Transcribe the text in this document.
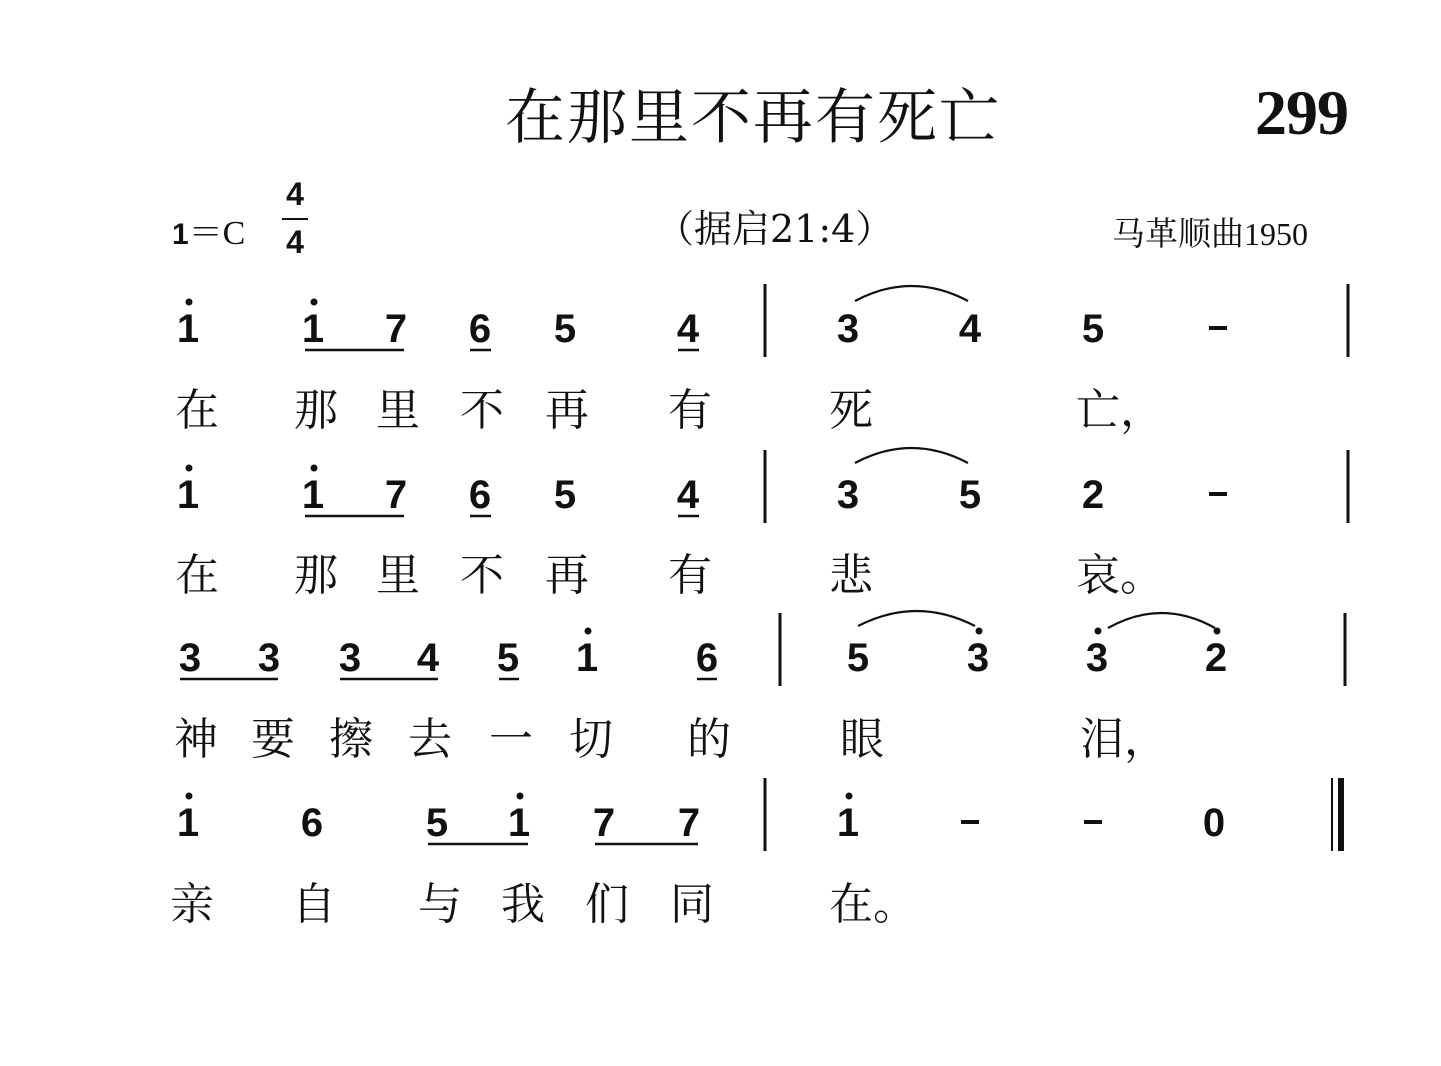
在那里不再有死亡	299
1＝C
4
4	（据启21:4）	马革顺曲1950
1	1 7 6 5	4	3 4	5
在 那 里 不 再 有	死	亡，
1	1 7 6 5	4	3 5	2
在 那 里 不 再 有	悲	哀。
3 3 3 4 5 1 6	5 3 3 2
神 要 擦 去 一 切 的 眼	泪，
1	6	5 1 7 7	1	0
亲 自 与 我 们 同	在。
